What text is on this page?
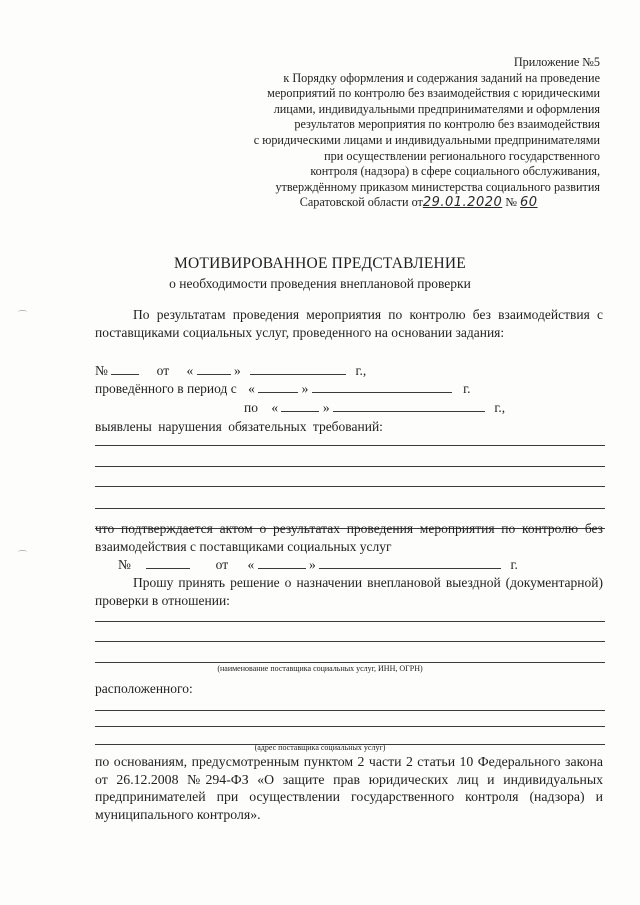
Приложение №5
к Порядку оформления и содержания заданий на проведение
мероприятий по контролю без взаимодействия с юридическими
лицами, индивидуальными предпринимателями и оформления
результатов мероприятия по контролю без взаимодействия
с юридическими лицами и индивидуальными предпринимателями
при осуществлении регионального государственного
контроля (надзора) в сфере социального обслуживания,
утверждённому приказом министерства социального развития
Саратовской области от29.01.2020 № 60
МОТИВИРОВАННОЕ ПРЕДСТАВЛЕНИЕ
о необходимости проведения внеплановой проверки
По результатам проведения мероприятия по контролю без взаимодействия с поставщиками социальных услуг, проведенного на основании задания:
№	от «	»	г.,
проведённого в период с «	»	г.
по «	»	г.,
выявлены нарушения обязательных требований:
что подтверждается актом о результатах проведения мероприятия по контролю без взаимодействия с поставщиками социальных услуг
№	от «	»	г.
Прошу принять решение о назначении внеплановой выездной (документарной) проверки в отношении:
(наименование поставщика социальных услуг, ИНН, ОГРН)
расположенного:
(адрес поставщика социальных услуг)
по основаниям, предусмотренным пунктом 2 части 2 статьи 10 Федерального закона от 26.12.2008 №294-ФЗ «О защите прав юридических лиц и индивидуальных предпринимателей при осуществлении государственного контроля (надзора) и муниципального контроля».
⌒
⌒
